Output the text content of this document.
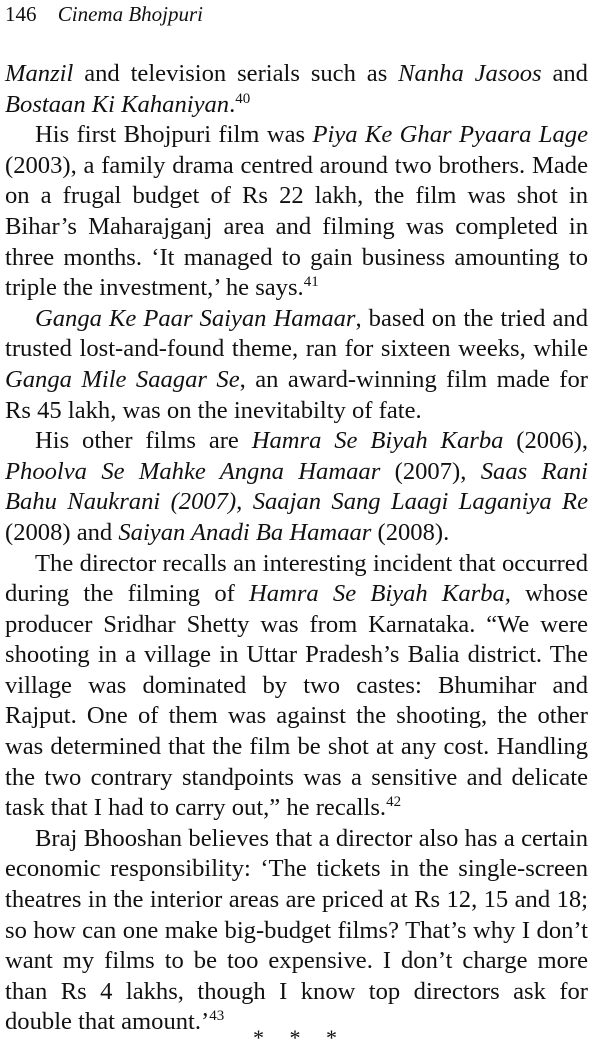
146 Cinema Bhojpuri

Manzil and television serials such as Nanha Jasoos and Bostaan Ki Kahaniyan.$^{40}$

His first Bhojpuri film was Piya Ke Ghar Pyaara Lage (2003), a family drama centred around two brothers. Made on a frugal budget of Rs 22 lakh, the film was shot in Bihar’s Maharajganj area and filming was completed in three months. ‘It managed to gain business amounting to triple the investment,’ he says.$^{41}$

Ganga Ke Paar Saiyan Hamaar, based on the tried and trusted lost-and-found theme, ran for sixteen weeks, while Ganga Mile Saagar Se, an award-winning film made for Rs 45 lakh, was on the inevitabilty of fate.

His other films are Hamra Se Biyah Karba (2006), Phoolva Se Mahke Angna Hamaar (2007), Saas Rani Bahu Naukrani (2007), Saajan Sang Laagi Laganiya Re (2008) and Saiyan Anadi Ba Hamaar (2008).

The director recalls an interesting incident that occurred during the filming of Hamra Se Biyah Karba, whose producer Sridhar Shetty was from Karnataka. “We were shooting in a village in Uttar Pradesh’s Balia district. The village was dominated by two castes: Bhumihar and Rajput. One of them was against the shooting, the other was determined that the film be shot at any cost. Handling the two contrary standpoints was a sensitive and delicate task that I had to carry out,” he recalls.$^{42}$

Braj Bhooshan believes that a director also has a certain economic responsibility: ‘The tickets in the single-screen theatres in the interior areas are priced at Rs 12, 15 and 18; so how can one make big-budget films? That’s why I don’t want my films to be too expensive. I don’t charge more than Rs 4 lakhs, though I know top directors ask for double that amount.’$^{43}$

* * *
